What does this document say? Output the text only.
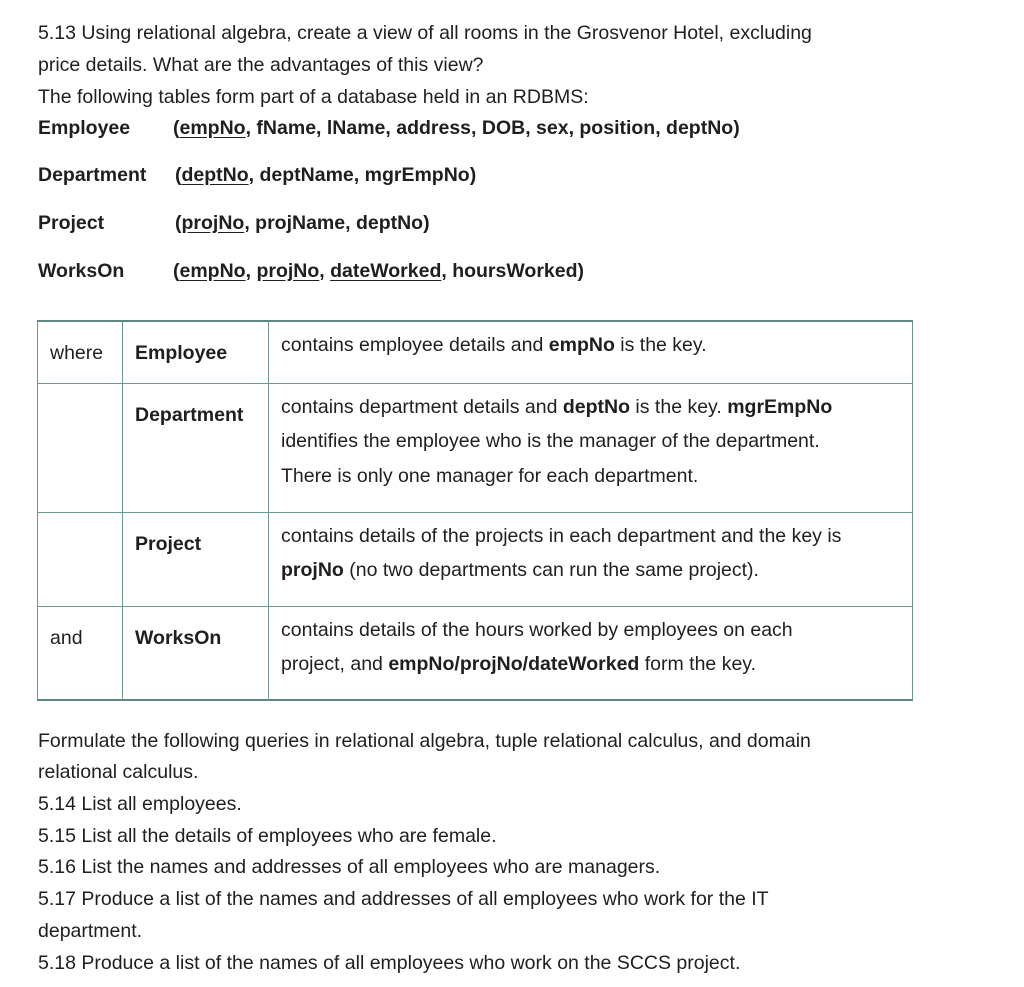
5.13 Using relational algebra, create a view of all rooms in the Grosvenor Hotel, excluding
price details. What are the advantages of this view?
The following tables form part of a database held in an RDBMS:
Employee (empNo, fName, lName, address, DOB, sex, position, deptNo)
Department (deptNo, deptName, mgrEmpNo)
Project	(projNo, projName, deptNo)
WorksOn (empNo, projNo, dateWorked, hoursWorked)
where	Employee	contains employee details and empNo is the key.

	Department	contains department details and deptNo is the key. mgrEmpNo
identifies the employee who is the manager of the department.
There is only one manager for each department.

	Project	contains details of the projects in each department and the key is
projNo (no two departments can run the same project).

and	WorksOn	contains details of the hours worked by employees on each
project, and empNo/projNo/dateWorked form the key.
Formulate the following queries in relational algebra, tuple relational calculus, and domain
relational calculus.
5.14 List all employees.
5.15 List all the details of employees who are female.
5.16 List the names and addresses of all employees who are managers.
5.17 Produce a list of the names and addresses of all employees who work for the IT
department.
5.18 Produce a list of the names of all employees who work on the SCCS project.
